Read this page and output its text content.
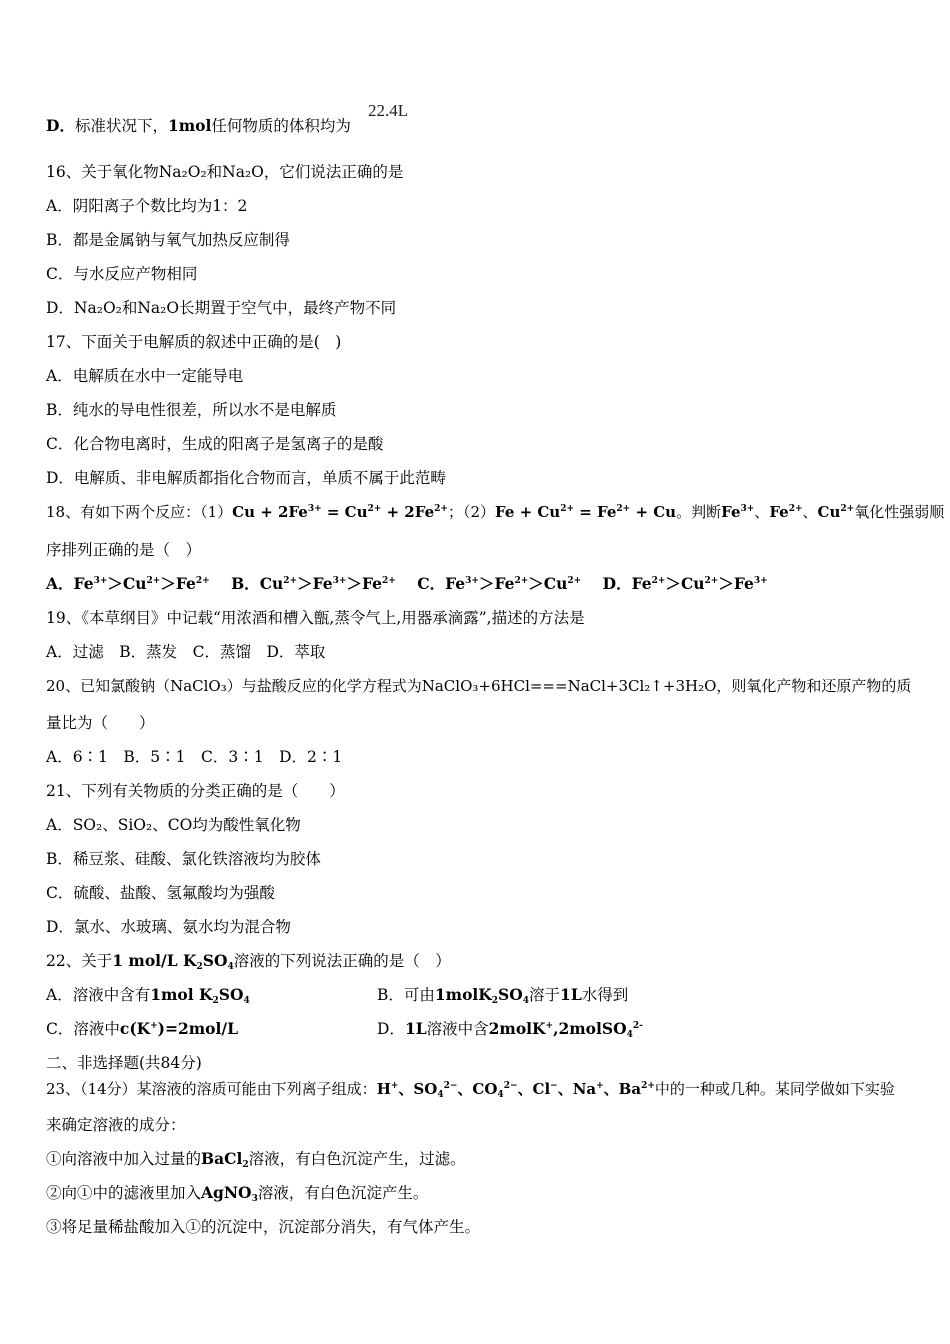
D．标准状况下，1mol任何物质的体积均为
22.4L
16、关于氧化物Na₂O₂和Na₂O，它们说法正确的是
A．阴阳离子个数比均为1：2
B．都是金属钠与氧气加热反应制得
C．与水反应产物相同
D．Na₂O₂和Na₂O长期置于空气中，最终产物不同
17、下面关于电解质的叙述中正确的是(　)
A．电解质在水中一定能导电
B．纯水的导电性很差，所以水不是电解质
C．化合物电离时，生成的阳离子是氢离子的是酸
D．电解质、非电解质都指化合物而言，单质不属于此范畴
18、有如下两个反应：$(1)Cu + 2Fe^{3+} = Cu^{2+} + 2Fe^{2+}$；$(2)Fe + Cu^{2+} = Fe^{2+} + Cu$。判断$Fe^{3+}$、$Fe^{2+}$、$Cu^{2+}$氧化性强弱顺
序排列正确的是（　）
A．$Fe^{3+}>Cu^{2+}>Fe^{2+}$ B．$Cu^{2+}>Fe^{3+}>Fe^{2+}$ C．$Fe^{3+}>Fe^{2+}>Cu^{2+}$ D．$Fe^{2+}>Cu^{2+}>Fe^{3+}$
19、《本草纲目》中记载“用浓酒和槽入甑,蒸令气上,用器承滴露”,描述的方法是
A．过滤　B．蒸发　C．蒸馏　D．萃取
20、已知氯酸钠（NaClO₃）与盐酸反应的化学方程式为NaClO₃+6HCl===NaCl+3Cl₂↑+3H₂O，则氧化产物和还原产物的质
量比为（　　）
A．6∶1　B．5∶1　C．3∶1　D．2∶1
21、下列有关物质的分类正确的是（　　）
A．SO₂、SiO₂、CO均为酸性氧化物
B．稀豆浆、硅酸、氯化铁溶液均为胶体
C．硫酸、盐酸、氢氟酸均为强酸
D．氯水、水玻璃、氨水均为混合物
22、关于1 mol/L $K_2SO_4$溶液的下列说法正确的是（　）
A．溶液中含有1mol $K_2SO_4$	B．可由$1molK_2SO_4$溶于1L水得到
C．溶液中c(K+)=2mol/L	D．1L溶液中含2molK+,2molSO$_4^{2-}$
二、非选择题(共84分)
23、（14分）某溶液的溶质可能由下列离子组成：H+、$SO_4^{2-}$、$CO_4^{2-}$、Cl−、Na+、$Ba^{2+}$中的一种或几种。某同学做如下实验
来确定溶液的成分：
①向溶液中加入过量的BaCl$_2$溶液，有白色沉淀产生，过滤。
②向①中的滤液里加入AgNO$_3$溶液，有白色沉淀产生。
③将足量稀盐酸加入①的沉淀中，沉淀部分消失，有气体产生。
